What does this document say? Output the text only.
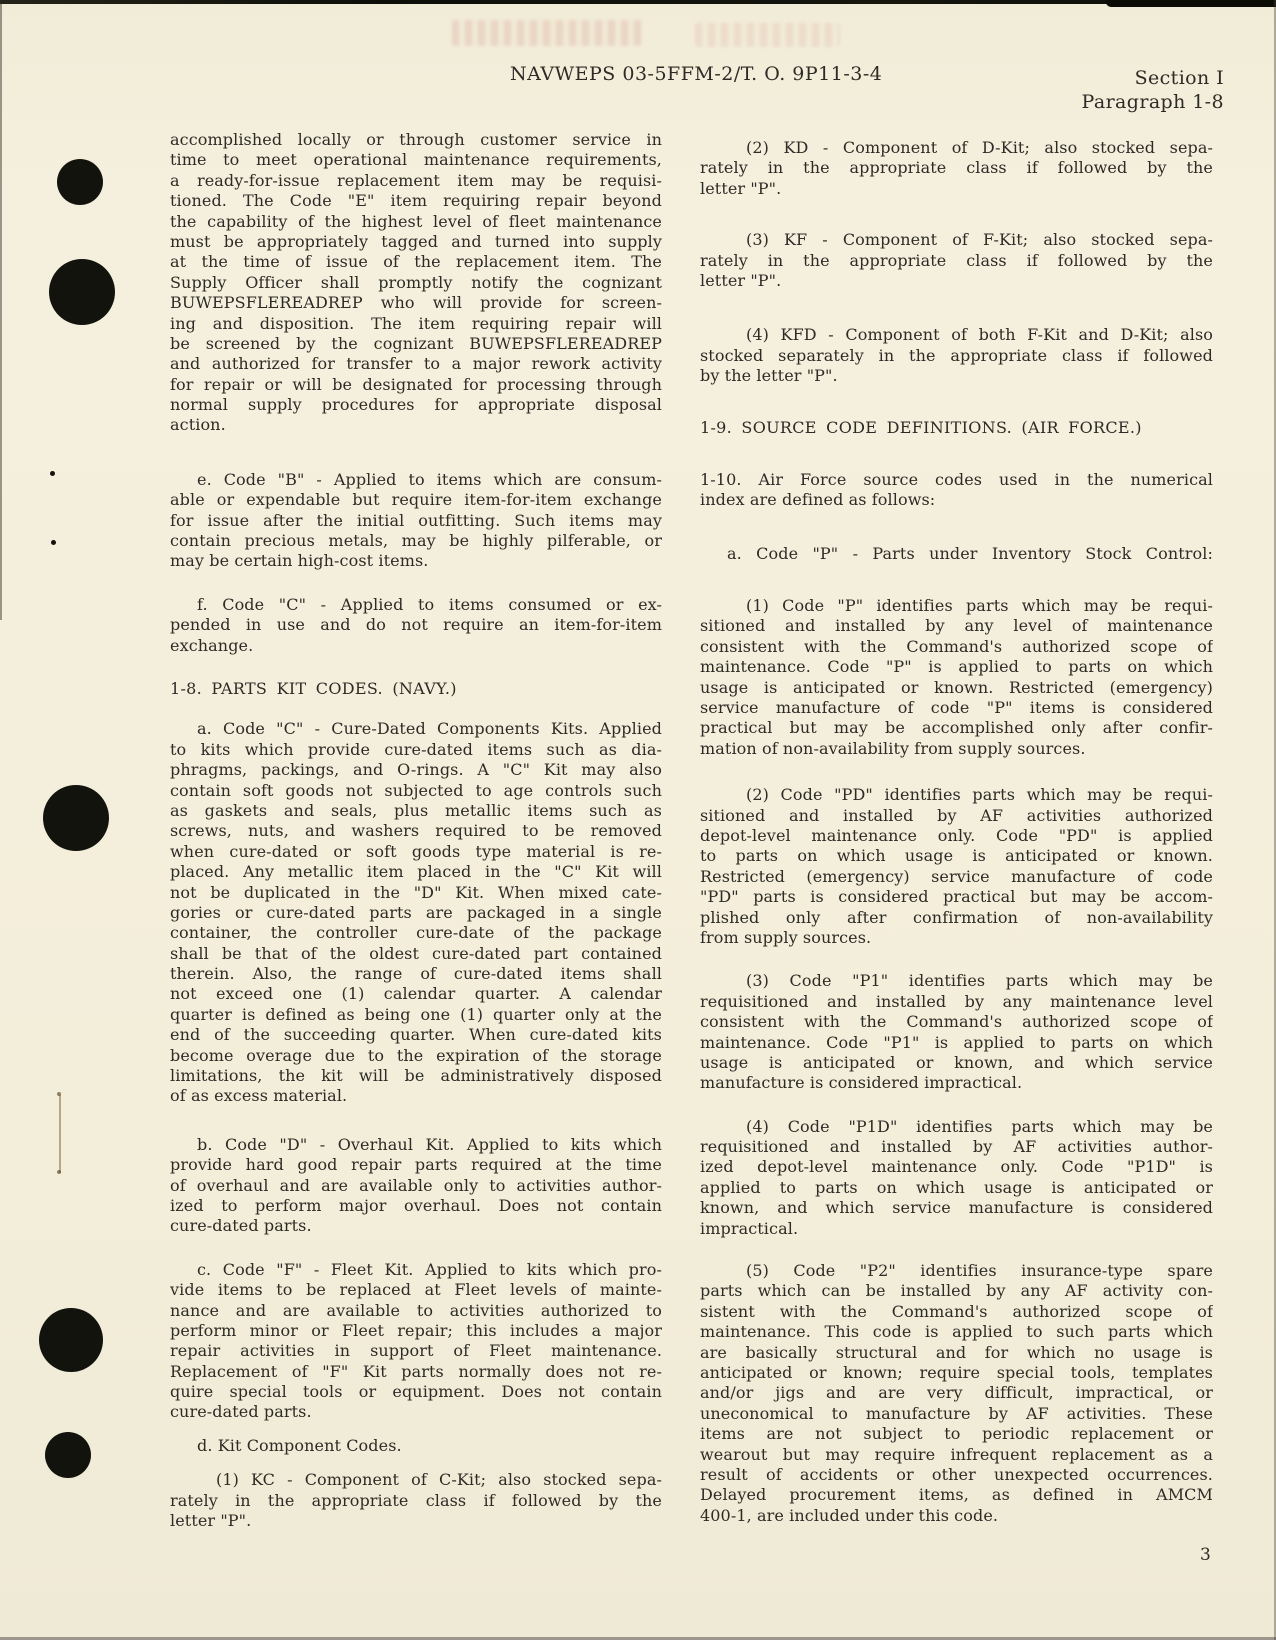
NAVWEPS 03-5FFM-2/T. O. 9P11-3-4	Section I
Paragraph 1-8
accomplished locally or through customer service in
time to meet operational maintenance requirements,
a ready-for-issue replacement item may be requisi-
tioned. The Code "E" item requiring repair beyond
the capability of the highest level of fleet maintenance
must be appropriately tagged and turned into supply
at the time of issue of the replacement item. The
Supply Officer shall promptly notify the cognizant
BUWEPSFLEREADREP who will provide for screen-
ing and disposition. The item requiring repair will
be screened by the cognizant BUWEPSFLEREADREP
and authorized for transfer to a major rework activity
for repair or will be designated for processing through
normal supply procedures for appropriate disposal
action.
e. Code "B" - Applied to items which are consum-
able or expendable but require item-for-item exchange
for issue after the initial outfitting. Such items may
contain precious metals, may be highly pilferable, or
may be certain high-cost items.
f. Code "C" - Applied to items consumed or ex-
pended in use and do not require an item-for-item
exchange.
1-8. PARTS KIT CODES. (NAVY.)
a. Code "C" - Cure-Dated Components Kits. Applied
to kits which provide cure-dated items such as dia-
phragms, packings, and O-rings. A "C" Kit may also
contain soft goods not subjected to age controls such
as gaskets and seals, plus metallic items such as
screws, nuts, and washers required to be removed
when cure-dated or soft goods type material is re-
placed. Any metallic item placed in the "C" Kit will
not be duplicated in the "D" Kit. When mixed cate-
gories or cure-dated parts are packaged in a single
container, the controller cure-date of the package
shall be that of the oldest cure-dated part contained
therein. Also, the range of cure-dated items shall
not exceed one (1) calendar quarter. A calendar
quarter is defined as being one (1) quarter only at the
end of the succeeding quarter. When cure-dated kits
become overage due to the expiration of the storage
limitations, the kit will be administratively disposed
of as excess material.
b. Code "D" - Overhaul Kit. Applied to kits which
provide hard good repair parts required at the time
of overhaul and are available only to activities author-
ized to perform major overhaul. Does not contain
cure-dated parts.
c. Code "F" - Fleet Kit. Applied to kits which pro-
vide items to be replaced at Fleet levels of mainte-
nance and are available to activities authorized to
perform minor or Fleet repair; this includes a major
repair activities in support of Fleet maintenance.
Replacement of "F" Kit parts normally does not re-
quire special tools or equipment. Does not contain
cure-dated parts.
d. Kit Component Codes.
(1) KC - Component of C-Kit; also stocked sepa-
rately in the appropriate class if followed by the
letter "P".
(2) KD - Component of D-Kit; also stocked sepa-
rately in the appropriate class if followed by the
letter "P".
(3) KF - Component of F-Kit; also stocked sepa-
rately in the appropriate class if followed by the
letter "P".
(4) KFD - Component of both F-Kit and D-Kit; also
stocked separately in the appropriate class if followed
by the letter "P".
1-9. SOURCE CODE DEFINITIONS. (AIR FORCE.)
1-10. Air Force source codes used in the numerical
index are defined as follows:
a. Code "P" - Parts under Inventory Stock Control:
(1) Code "P" identifies parts which may be requi-
sitioned and installed by any level of maintenance
consistent with the Command's authorized scope of
maintenance. Code "P" is applied to parts on which
usage is anticipated or known. Restricted (emergency)
service manufacture of code "P" items is considered
practical but may be accomplished only after confir-
mation of non-availability from supply sources.
(2) Code "PD" identifies parts which may be requi-
sitioned and installed by AF activities authorized
depot-level maintenance only. Code "PD" is applied
to parts on which usage is anticipated or known.
Restricted (emergency) service manufacture of code
"PD" parts is considered practical but may be accom-
plished only after confirmation of non-availability
from supply sources.
(3) Code "P1" identifies parts which may be
requisitioned and installed by any maintenance level
consistent with the Command's authorized scope of
maintenance. Code "P1" is applied to parts on which
usage is anticipated or known, and which service
manufacture is considered impractical.
(4) Code "P1D" identifies parts which may be
requisitioned and installed by AF activities author-
ized depot-level maintenance only. Code "P1D" is
applied to parts on which usage is anticipated or
known, and which service manufacture is considered
impractical.
(5) Code "P2" identifies insurance-type spare
parts which can be installed by any AF activity con-
sistent with the Command's authorized scope of
maintenance. This code is applied to such parts which
are basically structural and for which no usage is
anticipated or known; require special tools, templates
and/or jigs and are very difficult, impractical, or
uneconomical to manufacture by AF activities. These
items are not subject to periodic replacement or
wearout but may require infrequent replacement as a
result of accidents or other unexpected occurrences.
Delayed procurement items, as defined in AMCM
400-1, are included under this code.
3
